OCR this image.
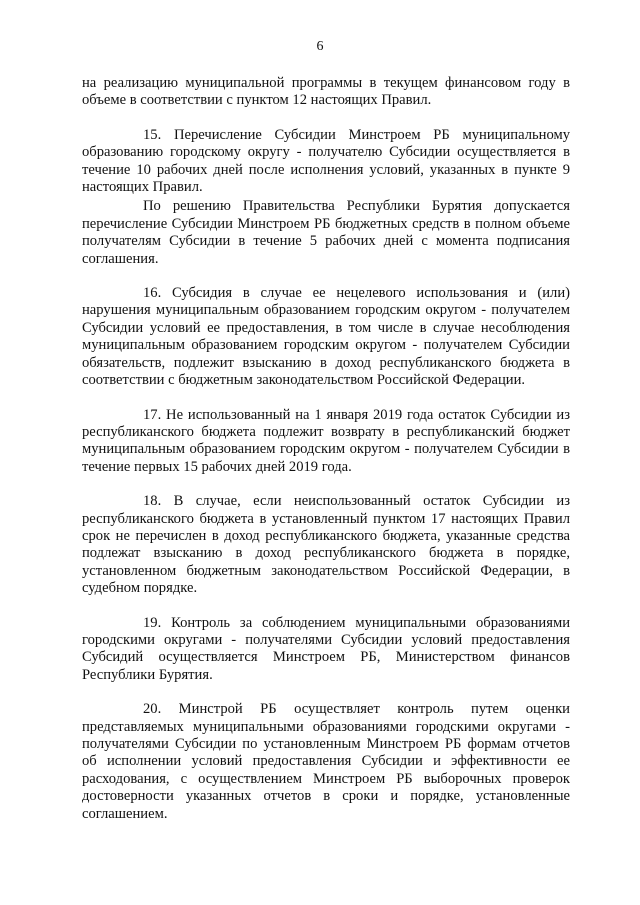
6

на реализацию муниципальной программы в текущем финансовом году в объеме в соответствии с пунктом 12 настоящих Правил.

15. Перечисление Субсидии Минстроем РБ муниципальному образованию городскому округу - получателю Субсидии осуществляется в течение 10 рабочих дней после исполнения условий, указанных в пункте 9 настоящих Правил.

По решению Правительства Республики Бурятия допускается перечисление Субсидии Минстроем РБ бюджетных средств в полном объеме получателям Субсидии в течение 5 рабочих дней с момента подписания соглашения.

16. Субсидия в случае ее нецелевого использования и (или) нарушения муниципальным образованием городским округом - получателем Субсидии условий ее предоставления, в том числе в случае несоблюдения муниципальным образованием городским округом - получателем Субсидии обязательств, подлежит взысканию в доход республиканского бюджета в соответствии с бюджетным законодательством Российской Федерации.

17. Не использованный на 1 января 2019 года остаток Субсидии из республиканского бюджета подлежит возврату в республиканский бюджет муниципальным образованием городским округом - получателем Субсидии в течение первых 15 рабочих дней 2019 года.

18. В случае, если неиспользованный остаток Субсидии из республиканского бюджета в установленный пунктом 17 настоящих Правил срок не перечислен в доход республиканского бюджета, указанные средства подлежат взысканию в доход республиканского бюджета в порядке, установленном бюджетным законодательством Российской Федерации, в судебном порядке.

19. Контроль за соблюдением муниципальными образованиями городскими округами - получателями Субсидии условий предоставления Субсидий осуществляется Минстроем РБ, Министерством финансов Республики Бурятия.

20. Минстрой РБ осуществляет контроль путем оценки представляемых муниципальными образованиями городскими округами - получателями Субсидии по установленным Минстроем РБ формам отчетов об исполнении условий предоставления Субсидии и эффективности ее расходования, с осуществлением Минстроем РБ выборочных проверок достоверности указанных отчетов в сроки и порядке, установленные соглашением.
